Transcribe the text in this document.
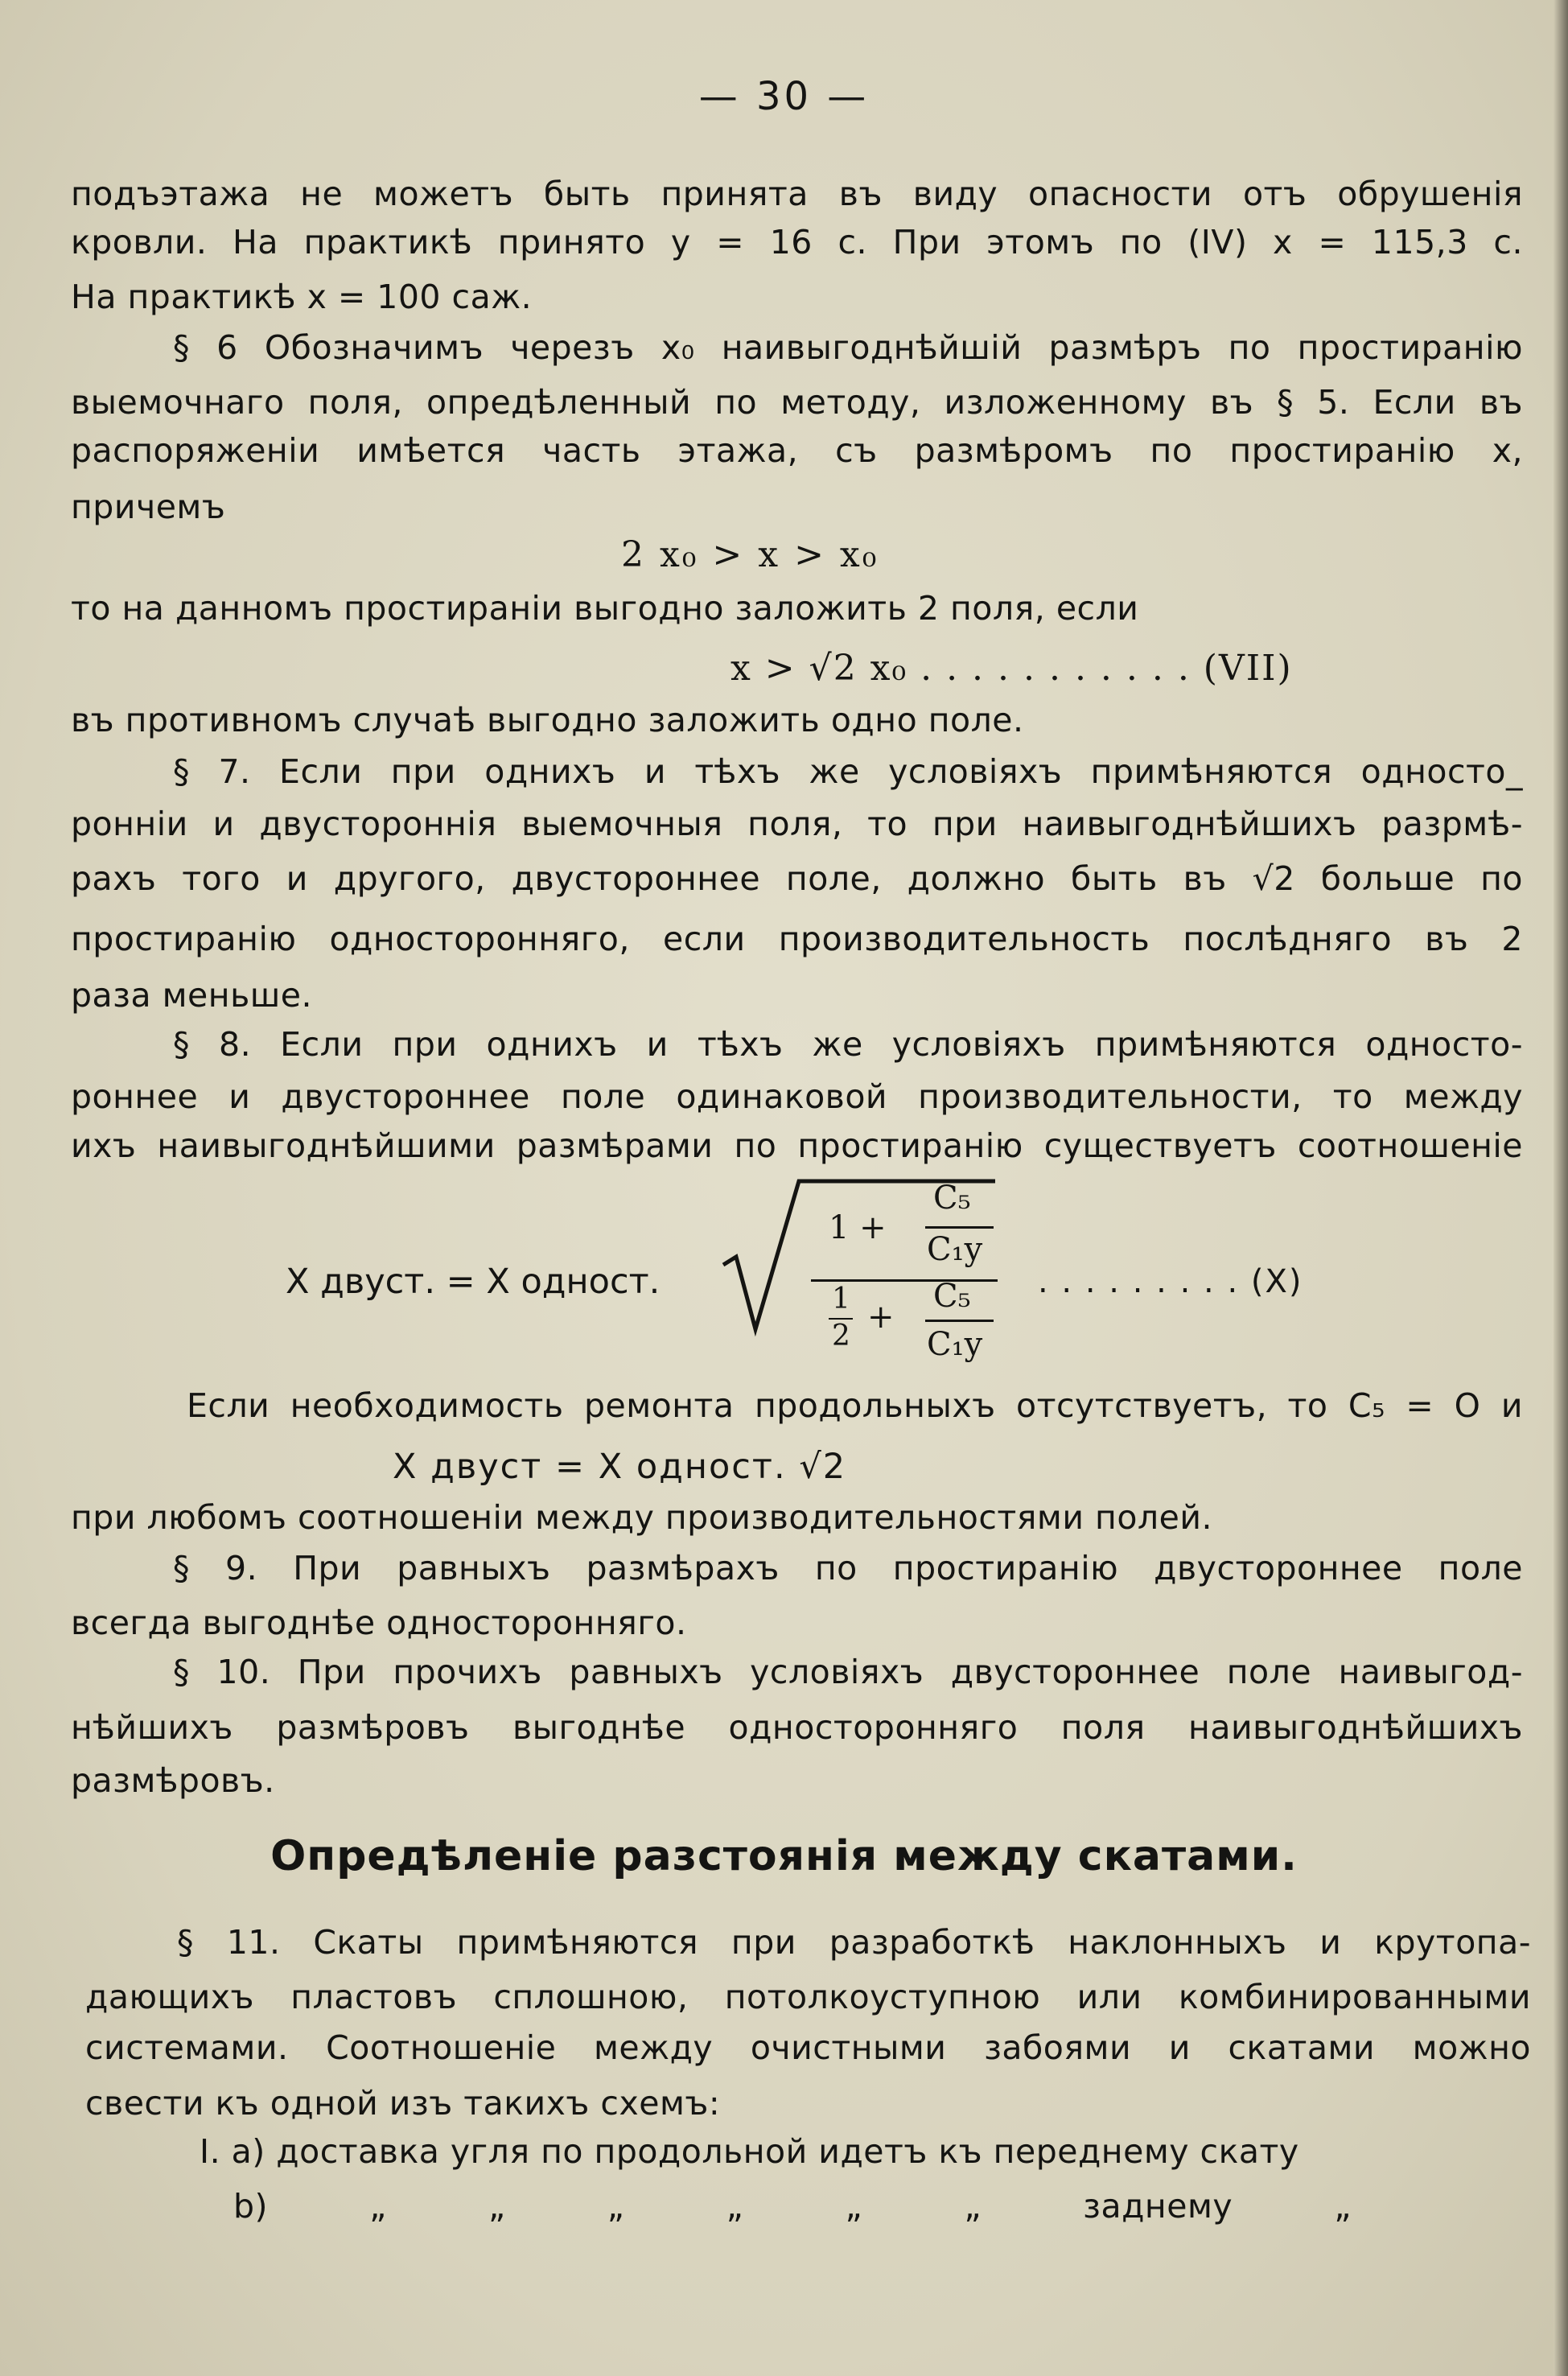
— 30 —
подъэтажа не можетъ быть принята въ виду опасности отъ обрушенія
кровли. На практикѣ принято у = 16 с. При этомъ по (IV) х = 115,3 с.
На практикѣ х = 100 саж.
§ 6 Обозначимъ черезъ х₀ наивыгоднѣйшій размѣръ по простиранію
выемочнаго поля, опредѣленный по методу, изложенному въ § 5. Если въ
распоряженіи имѣется часть этажа, съ размѣромъ по простиранію х,
причемъ
2 х₀ > х > х₀
то на данномъ простираніи выгодно заложить 2 поля, если
х > √2 х₀ . . . . . . . . . . . (VII)
въ противномъ случаѣ выгодно заложить одно поле.
§ 7. Если при однихъ и тѣхъ же условіяхъ примѣняются односто_
ронніи и двустороннія выемочныя поля, то при наивыгоднѣйшихъ разрмѣ-
рахъ того и другого, двустороннее поле, должно быть въ √2 больше по
простиранію односторонняго, если производительность послѣдняго въ 2
раза меньше.
§ 8. Если при однихъ и тѣхъ же условіяхъ примѣняются односто-
роннее и двустороннее поле одинаковой производительности, то между
ихъ наивыгоднѣйшими размѣрами по простиранію существуетъ соотношеніе
Х двуст. = Х одност.
1 +
C₅
C₁y
1
2
+
C₅
C₁y
. . . . . . . . . (X)
Если необходимость ремонта продольныхъ отсутствуетъ, то C₅ = О и
Х двуст = Х одност. √2
при любомъ соотношеніи между производительностями полей.
§ 9. При равныхъ размѣрахъ по простиранію двустороннее поле
всегда выгоднѣе односторонняго.
§ 10. При прочихъ равныхъ условіяхъ двустороннее поле наивыгод-
нѣйшихъ размѣровъ выгоднѣе односторонняго поля наивыгоднѣйшихъ
размѣровъ.
Опредѣленіе разстоянія между скатами.
§ 11. Скаты примѣняются при разработкѣ наклонныхъ и крутопа-
дающихъ пластовъ сплошною, потолкоуступною или комбинированными
системами. Соотношеніе между очистными забоями и скатами можно
свести къ одной изъ такихъ схемъ:
I. a) доставка угля по продольной идетъ къ переднему скату
b) „ „ „ „ „ „ заднему „
